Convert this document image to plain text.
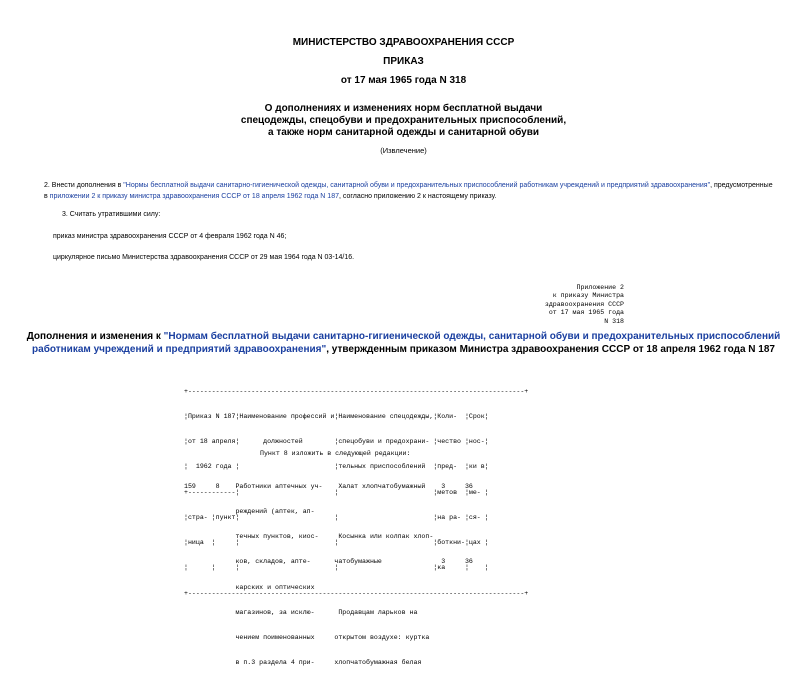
МИНИСТЕРСТВО ЗДРАВООХРАНЕНИЯ СССР
ПРИКАЗ
от 17 мая 1965 года N 318
О дополнениях и изменениях норм бесплатной выдачи
спецодежды, спецобуви и предохранительных приспособлений,
а также норм санитарной одежды и санитарной обуви
(Извлечение)
2. Внести дополнения в "Нормы бесплатной выдачи санитарно-гигиенической одежды, санитарной обуви и предохранительных приспособлений работникам учреждений и предприятий здравоохранения", предусмотренные в приложении 2 к приказу министра здравоохранения СССР от 18 апреля 1962 года N 187, согласно приложению 2 к настоящему приказу.
3. Считать утратившими силу:
приказ министра здравоохранения СССР от 4 февраля 1962 года N 46;
циркулярное письмо Министерства здравоохранения СССР от 29 мая 1964 года N 03-14/16.
Приложение 2
к приказу Министра
здравоохранения СССР
от 17 мая 1965 года
N 318
Дополнения и изменения к "Нормам бесплатной выдачи санитарно-гигиенической одежды, санитарной обуви и предохранительных приспособлений работникам учреждений и предприятий здравоохранения", утвержденным приказом Министра здравоохранения СССР от 18 апреля 1962 года N 187

+-------------------------------------------------------------------------------------+

¦Приказ N 187¦Наименование профессий и¦Наименование спецодежды,¦Коли-  ¦Срок¦

¦от 18 апреля¦      должностей        ¦спецобуви и предохрани- ¦чество ¦нос-¦

¦  1962 года ¦                        ¦тельных приспособлений  ¦пред-  ¦ки в¦

+------------¦                        ¦                        ¦метов  ¦ме- ¦

¦стра- ¦пункт¦                        ¦                        ¦на ра- ¦ся- ¦

¦ница  ¦     ¦                        ¦                        ¦боткни-¦цах ¦

¦      ¦     ¦                        ¦                        ¦ка     ¦    ¦

+-------------------------------------------------------------------------------------+

Пункт 8 изложить в следующей редакции:

159     8    Работники аптечных уч-    Халат хлопчатобумажный    3     36

реждений (аптек, ап-

течных пунктов, киос-     Косынка или колпак хлоп-

ков, складов, апте-      чатобумажные               3     36

карских и оптических

магазинов, за исклю-      Продавцам ларьков на

чением поименованных     открытом воздухе: куртка

в п.3 раздела 4 при-     хлопчатобумажная белая
